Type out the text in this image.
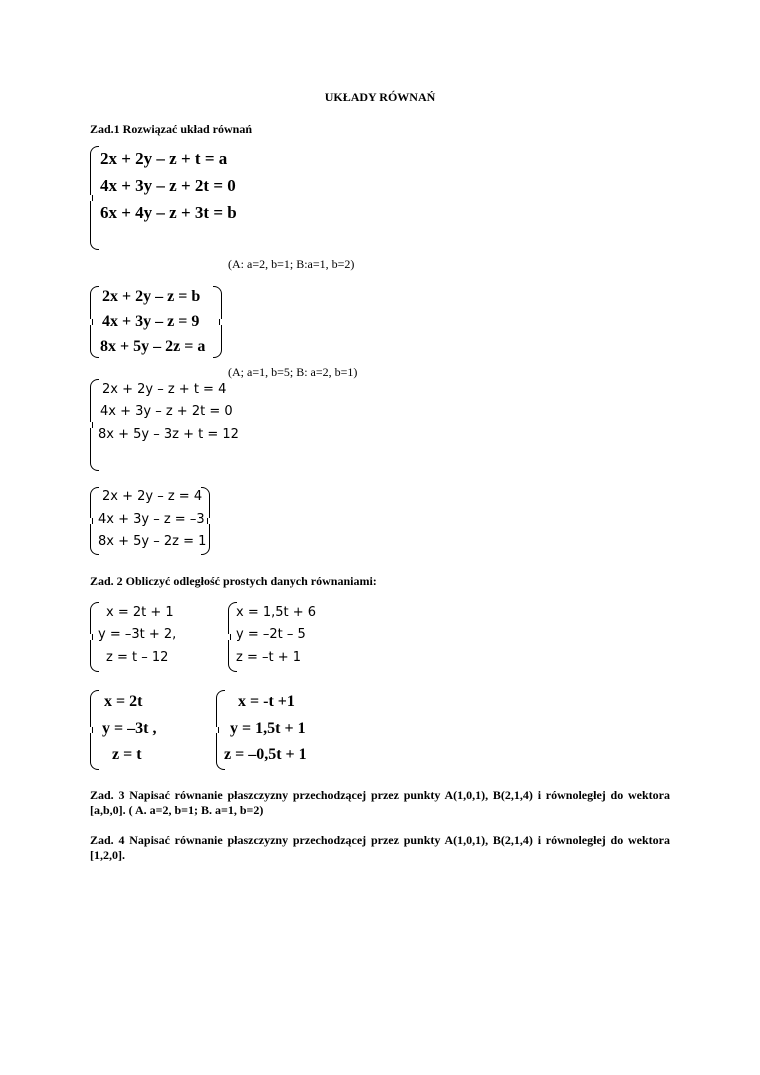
UKŁADY RÓWNAŃ
Zad.1 Rozwiązać układ równań
2x + 2y – z + t = a
4x + 3y – z + 2t = 0
6x + 4y – z + 3t = b
(A: a=2, b=1; B:a=1, b=2)
2x + 2y – z = b
4x + 3y – z = 9
8x + 5y – 2z = a
(A; a=1, b=5; B: a=2, b=1)
2x + 2y – z + t = 4
4x + 3y – z + 2t = 0
8x + 5y – 3z + t = 12
2x + 2y – z = 4
4x + 3y – z = –3
8x + 5y – 2z = 1
Zad. 2 Obliczyć odległość prostych danych równaniami:
x = 2t + 1
y = –3t + 2,
z = t – 12
x = 1,5t + 6
y = –2t – 5
z = –t + 1
x = 2t
y = –3t ,
z = t
x = -t +1
y = 1,5t + 1
z = –0,5t + 1
Zad. 3 Napisać równanie płaszczyzny przechodzącej przez punkty A(1,0,1), B(2,1,4) i równoległej do wektora [a,b,0]. ( A. a=2, b=1; B. a=1, b=2)
Zad. 4 Napisać równanie płaszczyzny przechodzącej przez punkty A(1,0,1), B(2,1,4) i równoległej do wektora [1,2,0].
